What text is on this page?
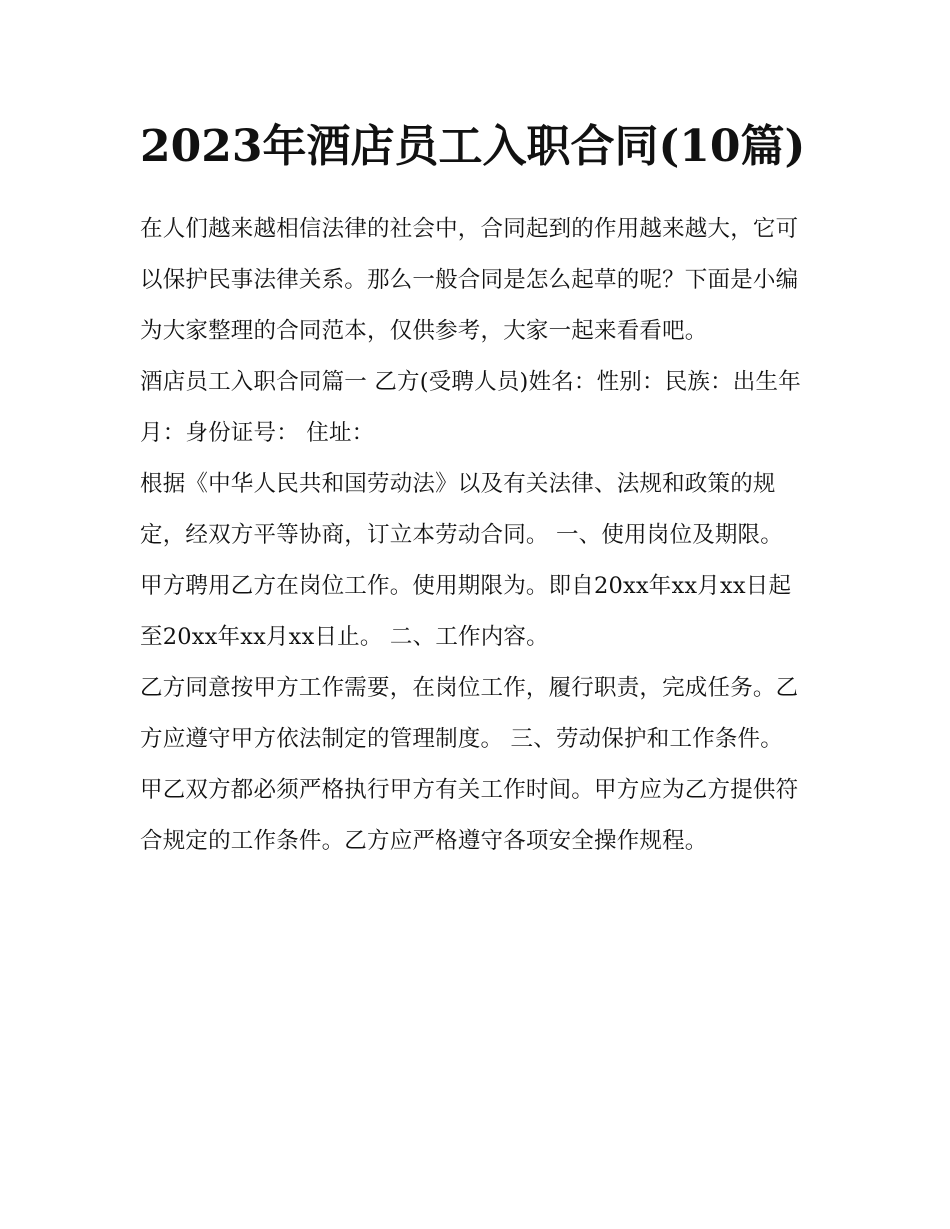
2023年酒店员工入职合同(10篇)

在人们越来越相信法律的社会中，合同起到的作用越来越大，它可以保护民事法律关系。那么一般合同是怎么起草的呢？下面是小编为大家整理的合同范本，仅供参考，大家一起来看看吧。

酒店员工入职合同篇一 乙方(受聘人员)姓名：性别：民族：出生年月：身份证号： 住址：

根据《中华人民共和国劳动法》以及有关法律、法规和政策的规定，经双方平等协商，订立本劳动合同。 一、使用岗位及期限。

甲方聘用乙方在岗位工作。使用期限为。即自20xx年xx月xx日起至20xx年xx月xx日止。 二、工作内容。

乙方同意按甲方工作需要，在岗位工作，履行职责，完成任务。乙方应遵守甲方依法制定的管理制度。 三、劳动保护和工作条件。

甲乙双方都必须严格执行甲方有关工作时间。甲方应为乙方提供符合规定的工作条件。乙方应严格遵守各项安全操作规程。
